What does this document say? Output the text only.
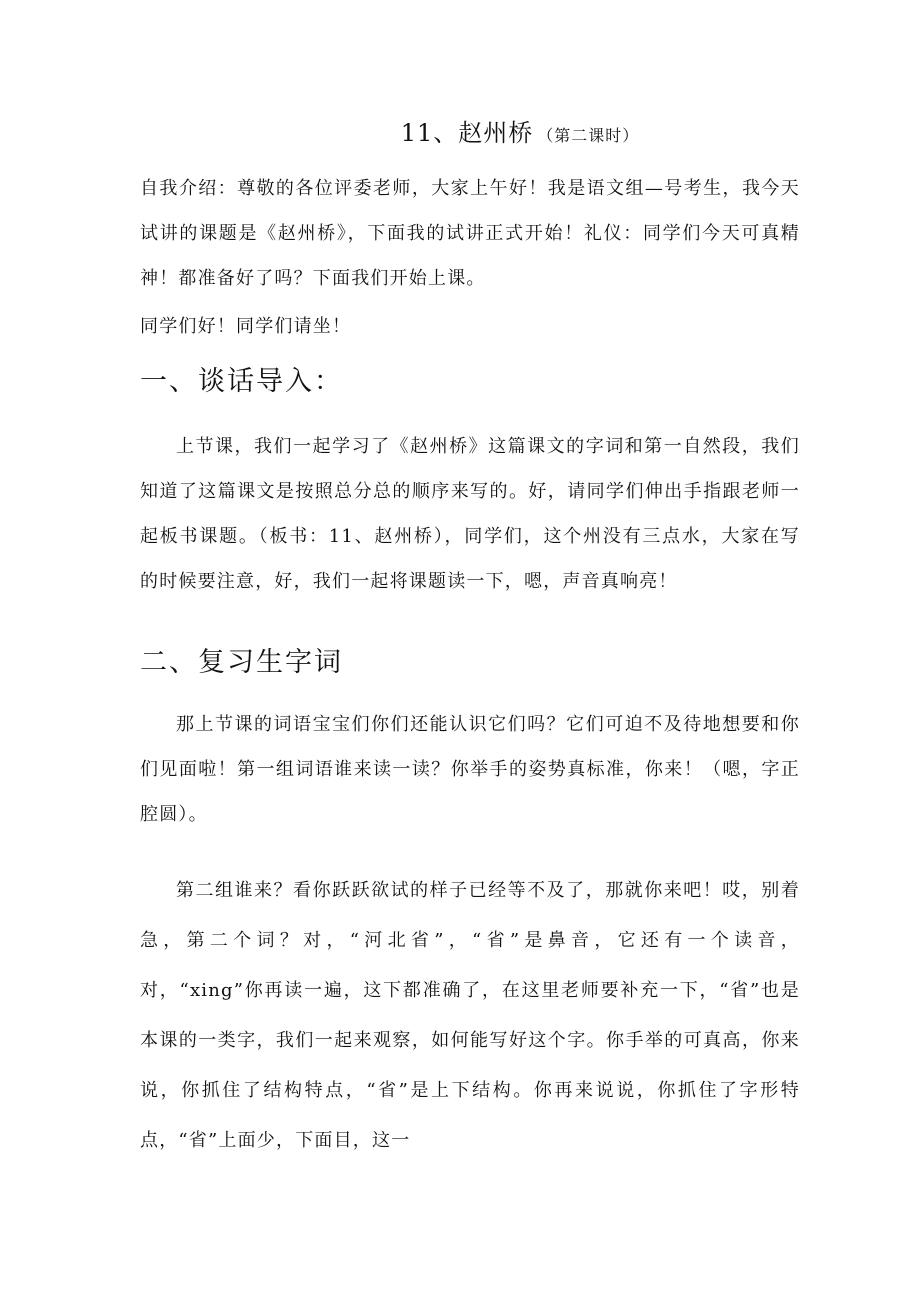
11、赵州桥 （第二课时）

自我介绍：尊敬的各位评委老师，大家上午好！我是语文组—号考生，我今天试讲的课题是《赵州桥》，下面我的试讲正式开始！礼仪：同学们今天可真精神！都准备好了吗？下面我们开始上课。

同学们好！同学们请坐！

一、谈话导入：

上节课，我们一起学习了《赵州桥》这篇课文的字词和第一自然段，我们知道了这篇课文是按照总分总的顺序来写的。好，请同学们伸出手指跟老师一起板书课题。（板书：11、赵州桥），同学们，这个州没有三点水，大家在写的时候要注意，好，我们一起将课题读一下，嗯，声音真响亮！

二、复习生字词

那上节课的词语宝宝们你们还能认识它们吗？它们可迫不及待地想要和你们见面啦！第一组词语谁来读一读？你举手的姿势真标准，你来！（嗯，字正腔圆）。

第二组谁来？看你跃跃欲试的样子已经等不及了，那就你来吧！哎，别着急，第二个词？对，“河北省”，“省”是鼻音，它还有一个读音，对，“xing”你再读一遍，这下都准确了，在这里老师要补充一下，“省”也是本课的一类字，我们一起来观察，如何能写好这个字。你手举的可真高，你来说，你抓住了结构特点，“省”是上下结构。你再来说说，你抓住了字形特点，“省”上面少，下面目，这一
